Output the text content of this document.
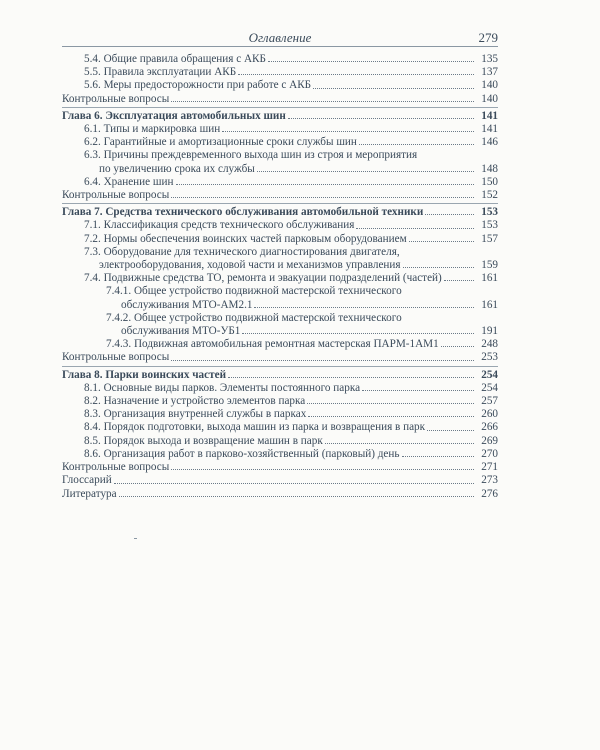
Оглавление	279
5.4. Общие правила обращения с АКБ	135
5.5. Правила эксплуатации АКБ	137
5.6. Меры предосторожности при работе с АКБ	140
Контрольные вопросы	140
Глава 6. Эксплуатация автомобильных шин	141
6.1. Типы и маркировка шин	141
6.2. Гарантийные и амортизационные сроки службы шин	146
6.3. Причины преждевременного выхода шин из строя и мероприятия
по увеличению срока их службы	148
6.4. Хранение шин	150
Контрольные вопросы	152
Глава 7. Средства технического обслуживания автомобильной техники	153
7.1. Классификация средств технического обслуживания	153
7.2. Нормы обеспечения воинских частей парковым оборудованием	157
7.3. Оборудование для технического диагностирования двигателя,
электрооборудования, ходовой части и механизмов управления	159
7.4. Подвижные средства ТО, ремонта и эвакуации подразделений (частей)	161
7.4.1. Общее устройство подвижной мастерской технического
обслуживания МТО-АМ2.1	161
7.4.2. Общее устройство подвижной мастерской технического
обслуживания МТО-УБ1	191
7.4.3. Подвижная автомобильная ремонтная мастерская ПАРМ-1АМ1	248
Контрольные вопросы	253
Глава 8. Парки воинских частей	254
8.1. Основные виды парков. Элементы постоянного парка	254
8.2. Назначение и устройство элементов парка	257
8.3. Организация внутренней службы в парках	260
8.4. Порядок подготовки, выхода машин из парка и возвращения в парк	266
8.5. Порядок выхода и возвращение машин в парк	269
8.6. Организация работ в парково-хозяйственный (парковый) день	270
Контрольные вопросы	271
Глоссарий	273
Литература	276
